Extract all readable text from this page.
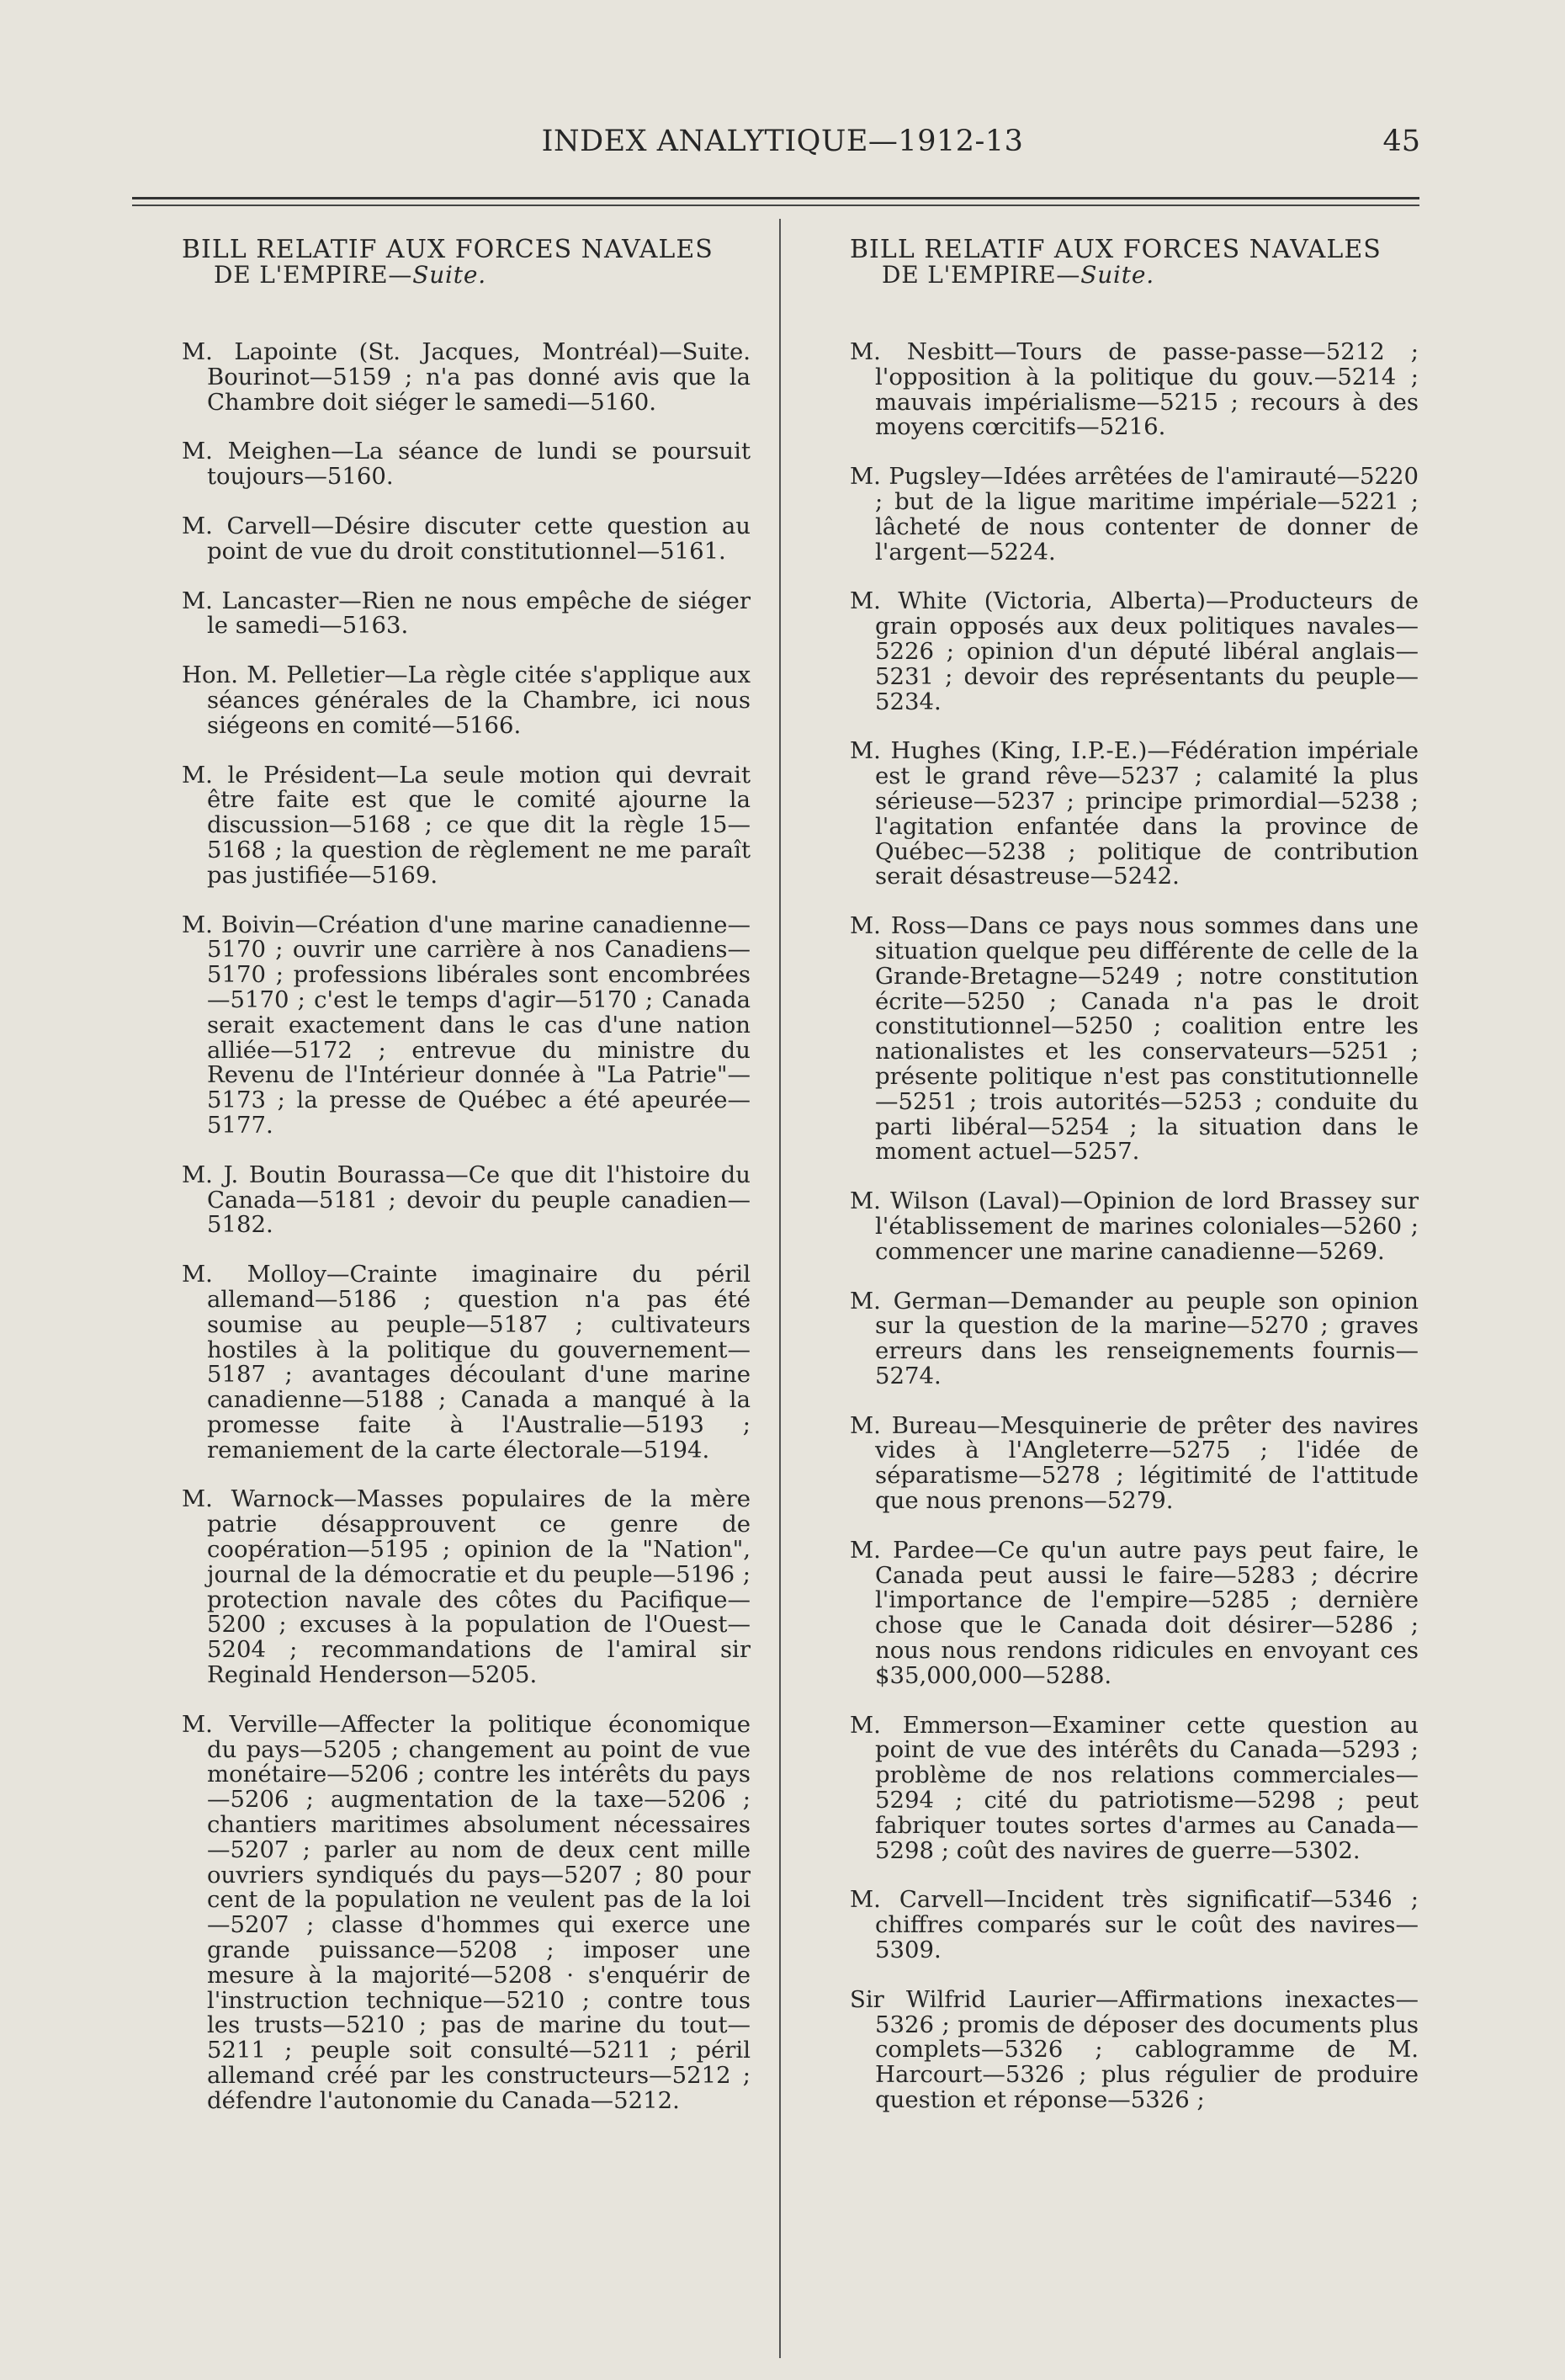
INDEX ANALYTIQUE—1912-13	45
BILL RELATIF AUX FORCES NAVALES
DE L'EMPIRE—Suite.

M. Lapointe (St. Jacques, Montréal)—Suite. Bourinot—5159 ; n'a pas donné avis que la Chambre doit siéger le samedi—5160.

M. Meighen—La séance de lundi se poursuit toujours—5160.

M. Carvell—Désire discuter cette question au point de vue du droit constitutionnel—5161.

M. Lancaster—Rien ne nous empêche de siéger le samedi—5163.

Hon. M. Pelletier—La règle citée s'applique aux séances générales de la Chambre, ici nous siégeons en comité—5166.

M. le Président—La seule motion qui devrait être faite est que le comité ajourne la discussion—5168 ; ce que dit la règle 15—5168 ; la question de règlement ne me paraît pas justifiée—5169.

M. Boivin—Création d'une marine canadienne—5170 ; ouvrir une carrière à nos Canadiens—5170 ; professions libérales sont encombrées—5170 ; c'est le temps d'agir—5170 ; Canada serait exactement dans le cas d'une nation alliée—5172 ; entrevue du ministre du Revenu de l'Intérieur donnée à "La Patrie"—5173 ; la presse de Québec a été apeurée—5177.

M. J. Boutin Bourassa—Ce que dit l'histoire du Canada—5181 ; devoir du peuple canadien—5182.

M. Molloy—Crainte imaginaire du péril allemand—5186 ; question n'a pas été soumise au peuple—5187 ; cultivateurs hostiles à la politique du gouvernement—5187 ; avantages découlant d'une marine canadienne—5188 ; Canada a manqué à la promesse faite à l'Australie—5193 ; remaniement de la carte électorale—5194.

M. Warnock—Masses populaires de la mère patrie désapprouvent ce genre de coopération—5195 ; opinion de la "Nation", journal de la démocratie et du peuple—5196 ; protection navale des côtes du Pacifique—5200 ; excuses à la population de l'Ouest—5204 ; recommandations de l'amiral sir Reginald Henderson—5205.

M. Verville—Affecter la politique économique du pays—5205 ; changement au point de vue monétaire—5206 ; contre les intérêts du pays—5206 ; augmentation de la taxe—5206 ; chantiers maritimes absolument nécessaires—5207 ; parler au nom de deux cent mille ouvriers syndiqués du pays—5207 ; 80 pour cent de la population ne veulent pas de la loi—5207 ; classe d'hommes qui exerce une grande puissance—5208 ; imposer une mesure à la majorité—5208 · s'enquérir de l'instruction technique—5210 ; contre tous les trusts—5210 ; pas de marine du tout—5211 ; peuple soit consulté—5211 ; péril allemand créé par les constructeurs—5212 ; défendre l'autonomie du Canada—5212.

BILL RELATIF AUX FORCES NAVALES
DE L'EMPIRE—Suite.

M. Nesbitt—Tours de passe-passe—5212 ; l'opposition à la politique du gouv.—5214 ; mauvais impérialisme—5215 ; recours à des moyens cœrcitifs—5216.

M. Pugsley—Idées arrêtées de l'amirauté—5220 ; but de la ligue maritime impériale—5221 ; lâcheté de nous contenter de donner de l'argent—5224.

M. White (Victoria, Alberta)—Producteurs de grain opposés aux deux politiques navales—5226 ; opinion d'un député libéral anglais—5231 ; devoir des représentants du peuple—5234.

M. Hughes (King, I.P.-E.)—Fédération impériale est le grand rêve—5237 ; calamité la plus sérieuse—5237 ; principe primordial—5238 ; l'agitation enfantée dans la province de Québec—5238 ; politique de contribution serait désastreuse—5242.

M. Ross—Dans ce pays nous sommes dans une situation quelque peu différente de celle de la Grande-Bretagne—5249 ; notre constitution écrite—5250 ; Canada n'a pas le droit constitutionnel—5250 ; coalition entre les nationalistes et les conservateurs—5251 ; présente politique n'est pas constitutionnelle—5251 ; trois autorités—5253 ; conduite du parti libéral—5254 ; la situation dans le moment actuel—5257.

M. Wilson (Laval)—Opinion de lord Brassey sur l'établissement de marines coloniales—5260 ; commencer une marine canadienne—5269.

M. German—Demander au peuple son opinion sur la question de la marine—5270 ; graves erreurs dans les renseignements fournis—5274.

M. Bureau—Mesquinerie de prêter des navires vides à l'Angleterre—5275 ; l'idée de séparatisme—5278 ; légitimité de l'attitude que nous prenons—5279.

M. Pardee—Ce qu'un autre pays peut faire, le Canada peut aussi le faire—5283 ; décrire l'importance de l'empire—5285 ; dernière chose que le Canada doit désirer—5286 ; nous nous rendons ridicules en envoyant ces $35,000,000—5288.

M. Emmerson—Examiner cette question au point de vue des intérêts du Canada—5293 ; problème de nos relations commerciales—5294 ; cité du patriotisme—5298 ; peut fabriquer toutes sortes d'armes au Canada—5298 ; coût des navires de guerre—5302.

M. Carvell—Incident très significatif—5346 ; chiffres comparés sur le coût des navires—5309.

Sir Wilfrid Laurier—Affirmations inexactes—5326 ; promis de déposer des documents plus complets—5326 ; cablogramme de M. Harcourt—5326 ; plus régulier de produire question et réponse—5326 ;
